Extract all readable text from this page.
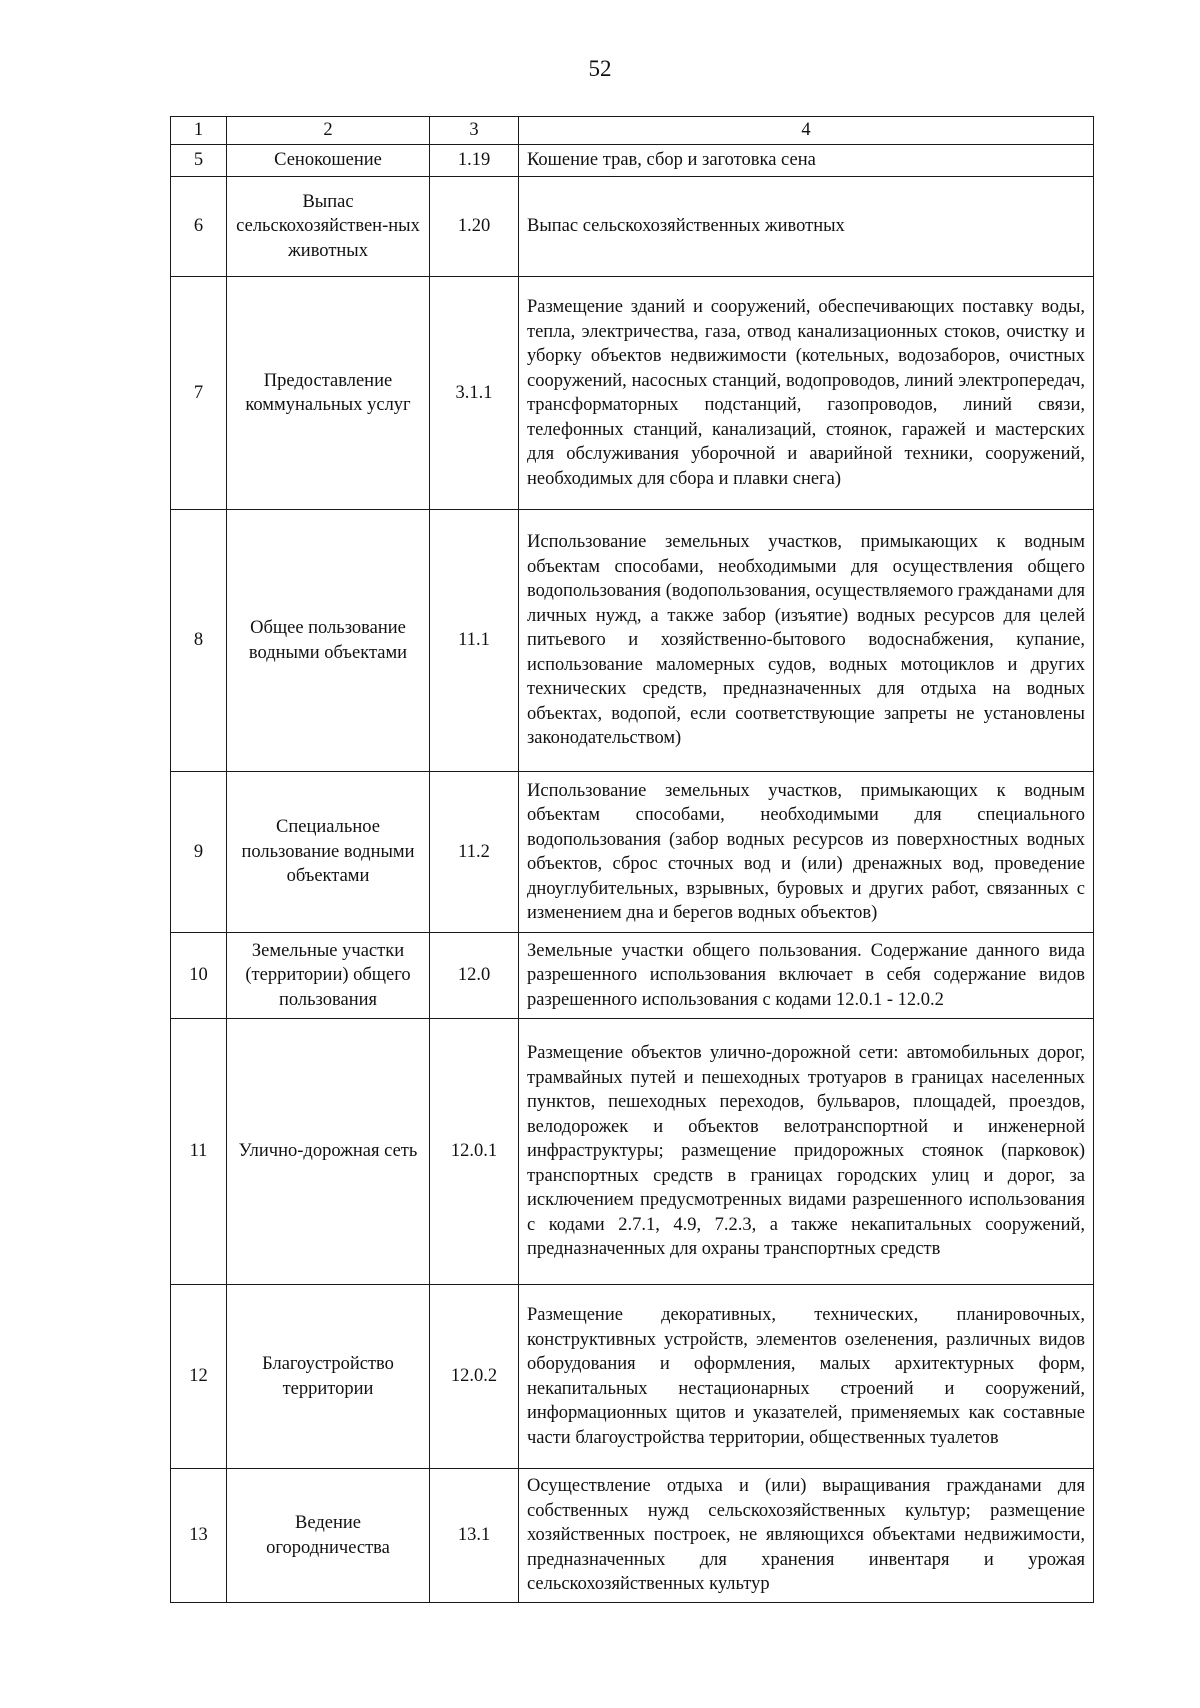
52
1	2	3	4
5	Сенокошение	1.19	Кошение трав, сбор и заготовка сена
6	Выпас сельскохозяйствен-ных животных	1.20	Выпас сельскохозяйственных животных
7	Предоставление коммунальных услуг	3.1.1	Размещение зданий и сооружений, обеспечивающих поставку воды, тепла, электричества, газа, отвод канализационных стоков, очистку и уборку объектов недвижимости (котельных, водозаборов, очистных сооружений, насосных станций, водопроводов, линий электропередач, трансформаторных подстанций, газопроводов, линий связи, телефонных станций, канализаций, стоянок, гаражей и мастерских для обслуживания уборочной и аварийной техники, сооружений, необходимых для сбора и плавки снега)
8	Общее пользование водными объектами	11.1	Использование земельных участков, примыкающих к водным объектам способами, необходимыми для осуществления общего водопользования (водопользования, осуществляемого гражданами для личных нужд, а также забор (изъятие) водных ресурсов для целей питьевого и хозяйственно-бытового водоснабжения, купание, использование маломерных судов, водных мотоциклов и других технических средств, предназначенных для отдыха на водных объектах, водопой, если соответствующие запреты не установлены законодательством)
9	Специальное пользование водными объектами	11.2	Использование земельных участков, примыкающих к водным объектам способами, необходимыми для специального водопользования (забор водных ресурсов из поверхностных водных объектов, сброс сточных вод и (или) дренажных вод, проведение дноуглубительных, взрывных, буровых и других работ, связанных с изменением дна и берегов водных объектов)
10	Земельные участки (территории) общего пользования	12.0	Земельные участки общего пользования. Содержание данного вида разрешенного использования включает в себя содержание видов разрешенного использования с кодами 12.0.1 - 12.0.2
11	Улично-дорожная сеть	12.0.1	Размещение объектов улично-дорожной сети: автомобильных дорог, трамвайных путей и пешеходных тротуаров в границах населенных пунктов, пешеходных переходов, бульваров, площадей, проездов, велодорожек и объектов велотранспортной и инженерной инфраструктуры; размещение придорожных стоянок (парковок) транспортных средств в границах городских улиц и дорог, за исключением предусмотренных видами разрешенного использования с кодами 2.7.1, 4.9, 7.2.3, а также некапитальных сооружений, предназначенных для охраны транспортных средств
12	Благоустройство территории	12.0.2	Размещение декоративных, технических, планировочных, конструктивных устройств, элементов озеленения, различных видов оборудования и оформления, малых архитектурных форм, некапитальных нестационарных строений и сооружений, информационных щитов и указателей, применяемых как составные части благоустройства территории, общественных туалетов
13	Ведение огородничества	13.1	Осуществление отдыха и (или) выращивания гражданами для собственных нужд сельскохозяйственных культур; размещение хозяйственных построек, не являющихся объектами недвижимости, предназначенных для хранения инвентаря и урожая сельскохозяйственных культур
